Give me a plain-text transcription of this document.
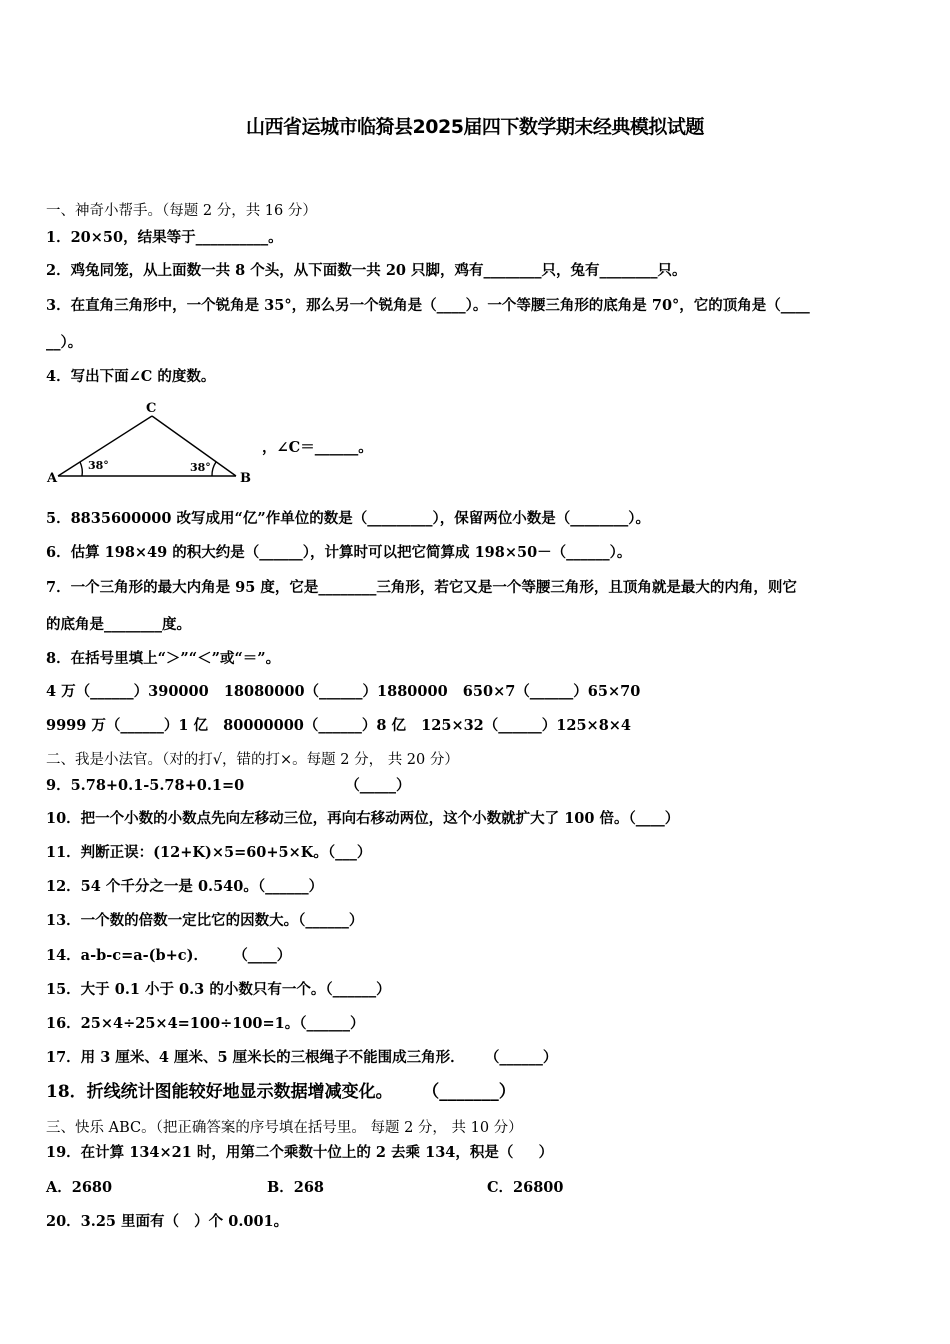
山西省运城市临猗县2025届四下数学期末经典模拟试题
一、神奇小帮手。（每题 2 分，共 16 分）
1．20×50，结果等于__________。
2．鸡兔同笼，从上面数一共 8 个头，从下面数一共 20 只脚，鸡有________只，兔有________只。
3．在直角三角形中，一个锐角是 35°，那么另一个锐角是（____）。一个等腰三角形的底角是 70°，它的顶角是（____
__）。
4．写出下面∠C 的度数。
A	B
C
38°	38°
，∠C＝______。
5．8835600000 改写成用“亿”作单位的数是（_________），保留两位小数是（________）。
6．估算 198×49 的积大约是（______），计算时可以把它简算成 198×50－（______）。
7．一个三角形的最大内角是 95 度，它是________三角形，若它又是一个等腰三角形，且顶角就是最大的内角，则它
的底角是________度。
8．在括号里填上“＞”“＜”或“＝”。
4 万（______）390000   18080000（______）1880000   650×7（______）65×70
9999 万（______）1 亿   80000000（______）8 亿   125×32（______）125×8×4
二、我是小法官。（对的打√，错的打×。每题 2 分， 共 20 分）
9．5.78+0.1-5.78+0.1=0                    （_____）
10．把一个小数的小数点先向左移动三位，再向右移动两位，这个小数就扩大了 100 倍。（____）
11．判断正误：(12+K)×5=60+5×K。（___）
12．54 个千分之一是 0.540。（______）
13．一个数的倍数一定比它的因数大。（______）
14．a-b-c=a-(b+c)．     （____）
15．大于 0.1 小于 0.3 的小数只有一个。（______）
16．25×4÷25×4=100÷100=1。（______）
17．用 3 厘米、4 厘米、5 厘米长的三根绳子不能围成三角形．    （______）
18．折线统计图能较好地显示数据增减变化。     （_______）
三、快乐 ABC。（把正确答案的序号填在括号里。 每题 2 分， 共 10 分）
19．在计算 134×21 时，用第二个乘数十位上的 2 去乘 134，积是（     ）
A．2680	B．268	C．26800
20．3.25 里面有（   ）个 0.001。
